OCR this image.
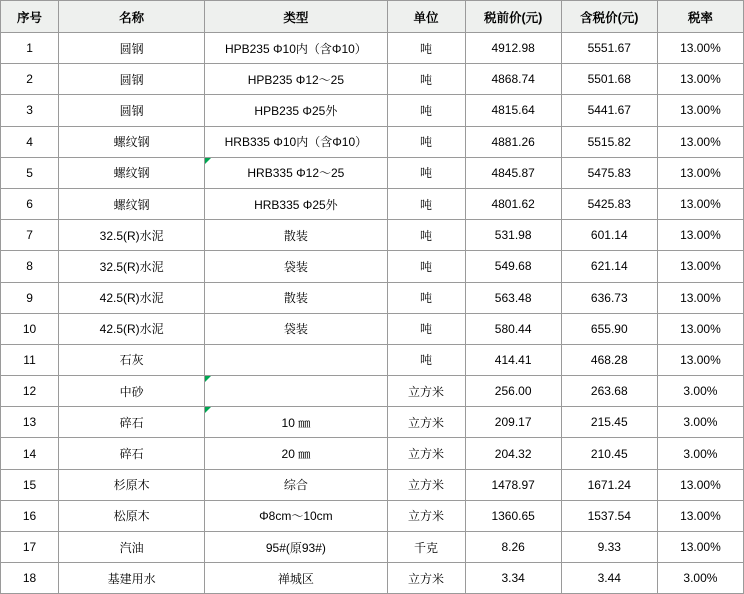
序号	名称	类型	单位	税前价(元)	含税价(元)	税率
1	圆钢	HPB235 Φ10内（含Φ10）	吨	4912.98	5551.67	13.00%
2	圆钢	HPB235 Φ12～25	吨	4868.74	5501.68	13.00%
3	圆钢	HPB235 Φ25外	吨	4815.64	5441.67	13.00%
4	螺纹钢	HRB335 Φ10内（含Φ10）	吨	4881.26	5515.82	13.00%
5	螺纹钢	HRB335 Φ12～25	吨	4845.87	5475.83	13.00%
6	螺纹钢	HRB335 Φ25外	吨	4801.62	5425.83	13.00%
7	32.5(R)水泥	散装	吨	531.98	601.14	13.00%
8	32.5(R)水泥	袋装	吨	549.68	621.14	13.00%
9	42.5(R)水泥	散装	吨	563.48	636.73	13.00%
10	42.5(R)水泥	袋装	吨	580.44	655.90	13.00%
11	石灰		吨	414.41	468.28	13.00%
12	中砂		立方米	256.00	263.68	3.00%
13	碎石	10 ㎜	立方米	209.17	215.45	3.00%
14	碎石	20 ㎜	立方米	204.32	210.45	3.00%
15	杉原木	综合	立方米	1478.97	1671.24	13.00%
16	松原木	Φ8cm～10cm	立方米	1360.65	1537.54	13.00%
17	汽油	95#(原93#)	千克	8.26	9.33	13.00%
18	基建用水	禅城区	立方米	3.34	3.44	3.00%
